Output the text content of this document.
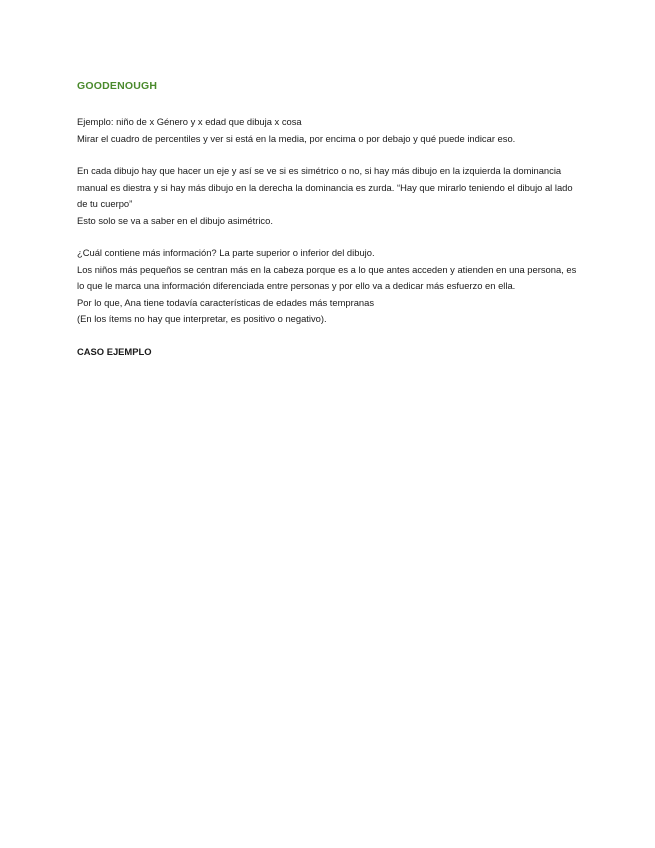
GOODENOUGH
Ejemplo: niño de x Género y x edad que dibuja x cosa
Mirar el cuadro de percentiles y ver si está en la media, por encima o por debajo y qué puede indicar eso.
En cada dibujo hay que hacer un eje y así se ve si es simétrico o no, si hay más dibujo en la izquierda la dominancia manual es diestra y si hay más dibujo en la derecha la dominancia es zurda. “Hay que mirarlo teniendo el dibujo al lado de tu cuerpo”
Esto solo se va a saber en el dibujo asimétrico.
¿Cuál contiene más información? La parte superior o inferior del dibujo.
Los niños más pequeños se centran más en la cabeza porque es a lo que antes acceden y atienden en una persona, es lo que le marca una información diferenciada entre personas y por ello va a dedicar más esfuerzo en ella.
Por lo que, Ana tiene todavía características de edades más tempranas
(En los ítems no hay que interpretar, es positivo o negativo).
CASO EJEMPLO
